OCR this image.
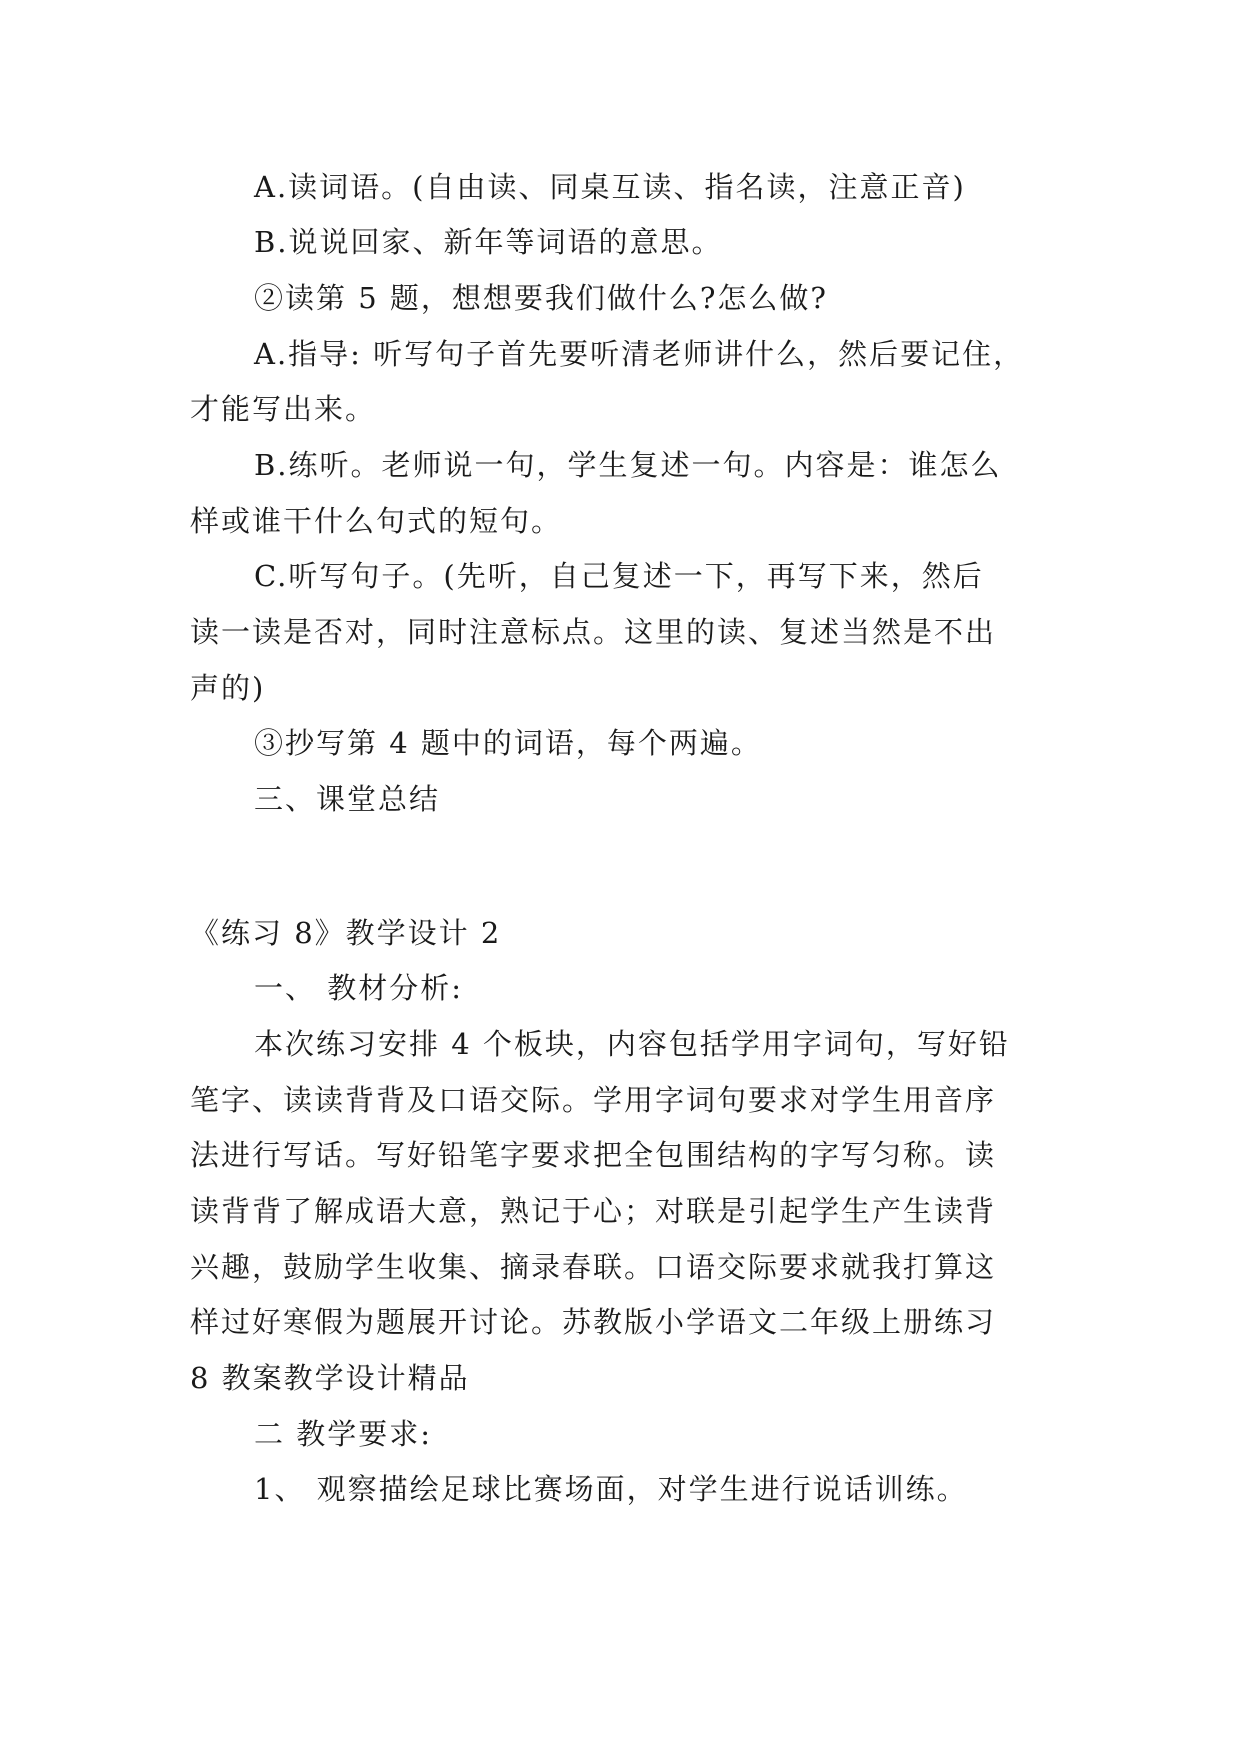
A.读词语。(自由读、同桌互读、指名读，注意正音)
B.说说回家、新年等词语的意思。
②读第 5 题，想想要我们做什么?怎么做?
A.指导: 听写句子首先要听清老师讲什么，然后要记住，
才能写出来。
B.练听。老师说一句，学生复述一句。内容是：谁怎么
样或谁干什么句式的短句。
C.听写句子。(先听，自己复述一下，再写下来，然后
读一读是否对，同时注意标点。这里的读、复述当然是不出
声的)
③抄写第 4 题中的词语，每个两遍。
三、课堂总结
《练习 8》教学设计 2
一、 教材分析:
本次练习安排 4 个板块，内容包括学用字词句，写好铅
笔字、读读背背及口语交际。学用字词句要求对学生用音序
法进行写话。写好铅笔字要求把全包围结构的字写匀称。读
读背背了解成语大意，熟记于心；对联是引起学生产生读背
兴趣，鼓励学生收集、摘录春联。口语交际要求就我打算这
样过好寒假为题展开讨论。苏教版小学语文二年级上册练习
8 教案教学设计精品
二 教学要求:
1、 观察描绘足球比赛场面，对学生进行说话训练。
